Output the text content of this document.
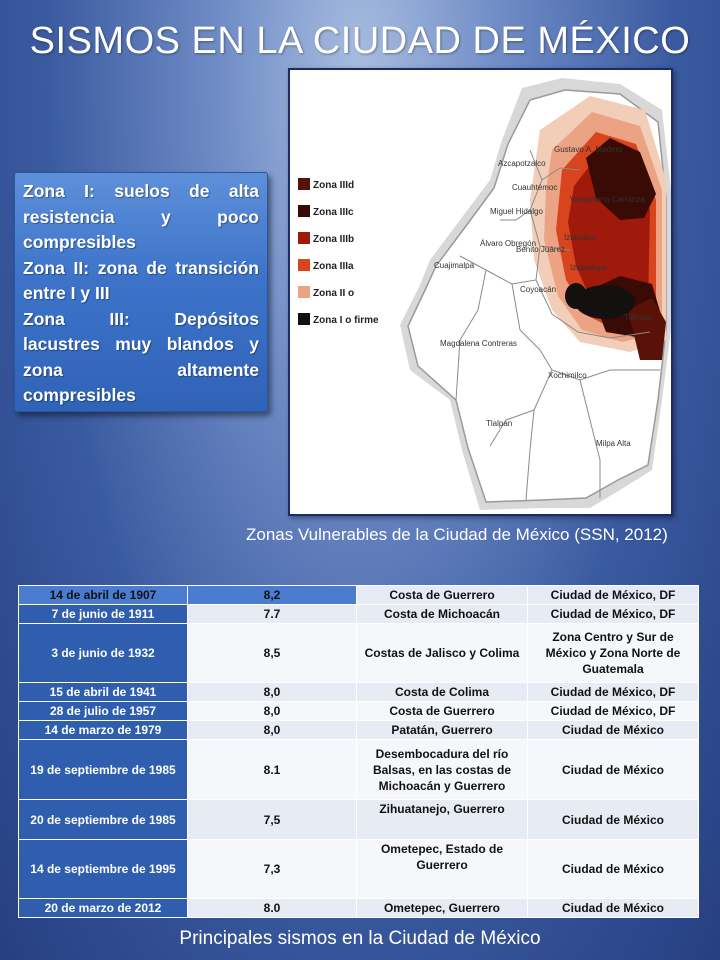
SISMOS EN LA CIUDAD DE MÉXICO

Zona I: suelos de alta resistencia y poco compresibles

Zona II: zona de transición entre I y III

Zona III: Depósitos lacustres muy blandos y zona altamente compresibles

Zona IIId
Zona IIIc
Zona IIIb
Zona IIIa
Zona II o
Zona I o firme
Azcapotzalco
Gustavo A. Madero
Cuauhtémoc
Miguel Hidalgo
Venustiano Carranza
Iztacalco
Benito Juárez
Cuajimalpa
Álvaro Obregón
Coyoacán
Iztapalapa
Tláhuac
Magdalena Contreras
Xochimilco
Tlalpan
Milpa Alta
Zonas Vulnerables de la Ciudad de México (SSN, 2012)
14 de abril de 1907	8,2	Costa de Guerrero	Ciudad de México, DF
7 de junio de 1911	7.7	Costa de Michoacán	Ciudad de México, DF
3 de junio de 1932	8,5	Costas de Jalisco y Colima	Zona Centro y Sur de México y Zona Norte de Guatemala
15 de abril de 1941	8,0	Costa de Colima	Ciudad de México, DF
28 de julio de 1957	8,0	Costa de Guerrero	Ciudad de México, DF
14 de marzo de 1979	8,0	Patatán, Guerrero	Ciudad de México
19 de septiembre de 1985	8.1	Desembocadura del río Balsas, en las costas de Michoacán y Guerrero	Ciudad de México
20 de septiembre de 1985	7,5	Zihuatanejo, Guerrero	Ciudad de México
14 de septiembre de 1995	7,3	Ometepec, Estado de Guerrero	Ciudad de México
20 de marzo de 2012	8.0	Ometepec, Guerrero	Ciudad de México
Principales sismos en la Ciudad de México
